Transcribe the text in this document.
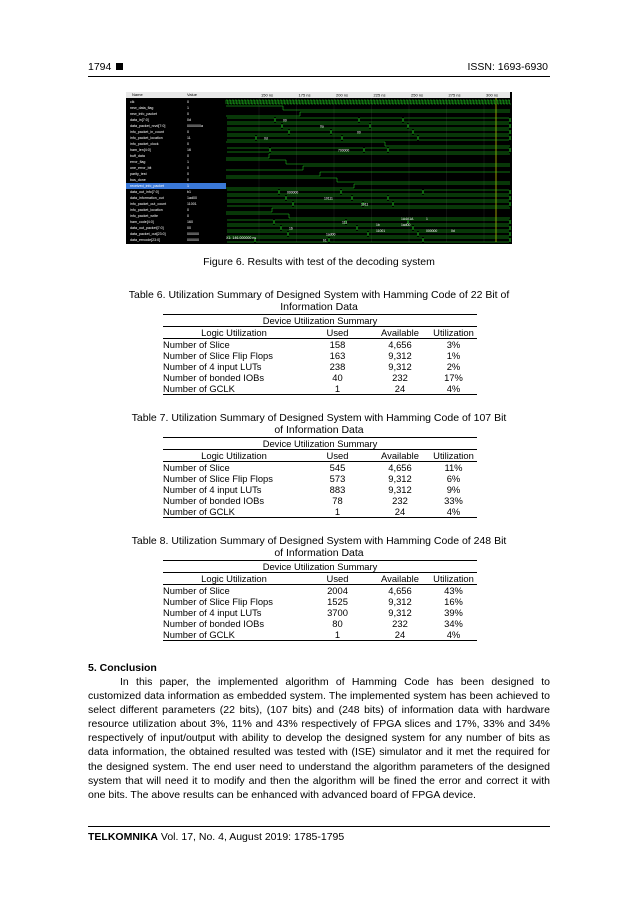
1794	ISSN: 1693-6930
Name	Value	150 ns	175 ns	200 ns	225 ns	250 ns	275 ns	300 ns
00
0a
00
0d
700000
000000
10111
1011
111
16
1ad00
b1
11001
1ad00
1
0d
1b
1A4A1A
000000
clk	0
new_data_flag	1
new_info_packet	0
data_in[7:0]	0d
data_packet_rcvd[7:0]	0000000a
info_packet_in_count	0
info_packet_location	11
info_packet_clock	0
ham_len[4:0]	16
buff_data	0
error_flag	1
one_error_bit	0
parity_test	0
bus_done	0
received_info_packet	1
data_out_info[7:0]	b1
data_information_out	1ad00
info_packet_out_count	11001
info_packet_location	0
info_packet_write	0
ham_code[4:0]	160
data_out_packet[7:0]	00
data_packet_out[23:0]	000000
data_errcode[23:0]	000000	X1: 146.000000 ns
Figure 6. Results with test of the decoding system
Table 6. Utilization Summary of Designed System with Hamming Code of 22 Bit of Information Data
Device Utilization Summary			
Logic Utilization	Used	Available	Utilization
Number of Slice	158	4,656	3%
Number of Slice Flip Flops	163	9,312	1%
Number of 4 input LUTs	238	9,312	2%
Number of bonded IOBs	40	232	17%
Number of GCLK	1	24	4%
Table 7. Utilization Summary of Designed System with Hamming Code of 107 Bit of Information Data
Device Utilization Summary			
Logic Utilization	Used	Available	Utilization
Number of Slice	545	4,656	11%
Number of Slice Flip Flops	573	9,312	6%
Number of 4 input LUTs	883	9,312	9%
Number of bonded IOBs	78	232	33%
Number of GCLK	1	24	4%
Table 8. Utilization Summary of Designed System with Hamming Code of 248 Bit of Information Data
Device Utilization Summary			
Logic Utilization	Used	Available	Utilization
Number of Slice	2004	4,656	43%
Number of Slice Flip Flops	1525	9,312	16%
Number of 4 input LUTs	3700	9,312	39%
Number of bonded IOBs	80	232	34%
Number of GCLK	1	24	4%
5. Conclusion
In this paper, the implemented algorithm of Hamming Code has been designed to customized data information as embedded system. The implemented system has been achieved to select different parameters (22 bits), (107 bits) and (248 bits) of information data with hardware resource utilization about 3%, 11% and 43% respectively of FPGA slices and 17%, 33% and 34% respectively of input/output with ability to develop the designed system for any number of bits as data information, the obtained resulted was tested with (ISE) simulator and it met the required for the designed system. The end user need to understand the algorithm parameters of the designed system that will need it to modify and then the algorithm will be fined the error and correct it with one bits. The above results can be enhanced with advanced board of FPGA device.
TELKOMNIKA Vol. 17, No. 4, August 2019: 1785-1795
